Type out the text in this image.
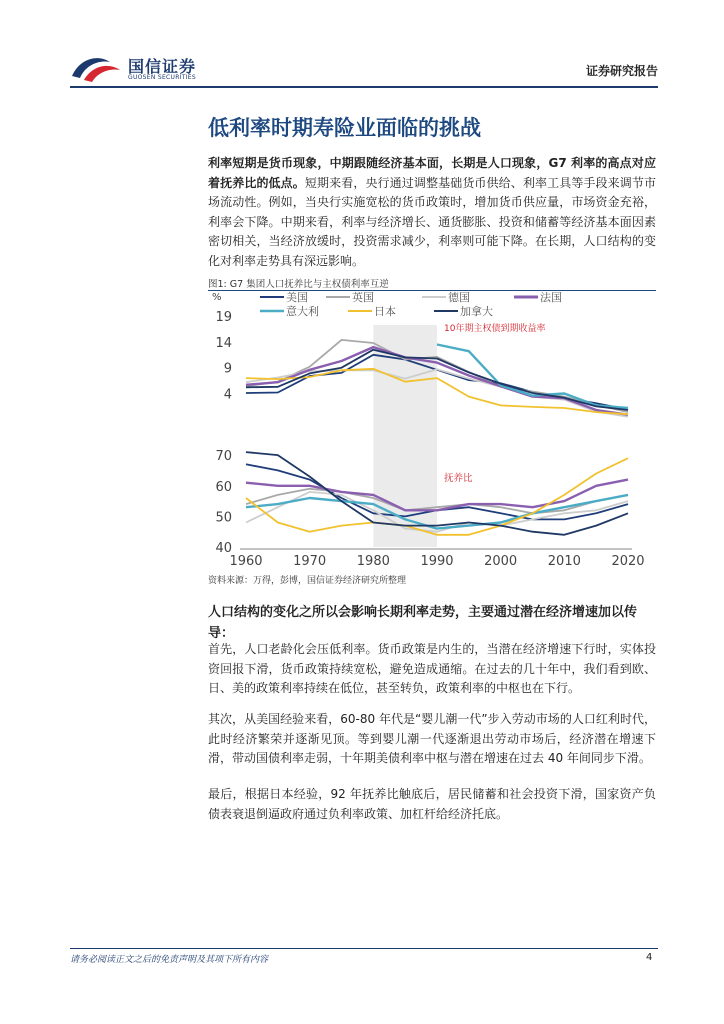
国信证券
GUOSEN SECURITIES	证券研究报告
低利率时期寿险业面临的挑战
利率短期是货币现象，中期跟随经济基本面，长期是人口现象，G7 利率的高点对应着抚养比的低点。短期来看，央行通过调整基础货币供给、利率工具等手段来调节市场流动性。例如，当央行实施宽松的货币政策时，增加货币供应量，市场资金充裕，利率会下降。中期来看，利率与经济增长、通货膨胀、投资和储蓄等经济基本面因素密切相关，当经济放缓时，投资需求减少，利率则可能下降。在长期，人口结构的变化对利率走势具有深远影响。
图1: G7 集团人口抚养比与主权债利率互逆
%	美国	英国	德国	法国
意大利	日本	加拿大
4
9
14
19
40
50
60
70
1960 1970 1980 1990 2000 2010 2020
10年期主权债到期收益率
抚养比
资料来源：万得，彭博，国信证券经济研究所整理
人口结构的变化之所以会影响长期利率走势，主要通过潜在经济增速加以传导：
首先，人口老龄化会压低利率。货币政策是内生的，当潜在经济增速下行时，实体投资回报下滑，货币政策持续宽松，避免造成通缩。在过去的几十年中，我们看到欧、日、美的政策利率持续在低位，甚至转负，政策利率的中枢也在下行。
其次，从美国经验来看，60-80 年代是“婴儿潮一代”步入劳动市场的人口红利时代，此时经济繁荣并逐渐见顶。等到婴儿潮一代逐渐退出劳动市场后，经济潜在增速下滑，带动国债利率走弱，十年期美债利率中枢与潜在增速在过去 40 年间同步下滑。
最后，根据日本经验，92 年抚养比触底后，居民储蓄和社会投资下滑，国家资产负债表衰退倒逼政府通过负利率政策、加杠杆给经济托底。
请务必阅读正文之后的免责声明及其项下所有内容	4
